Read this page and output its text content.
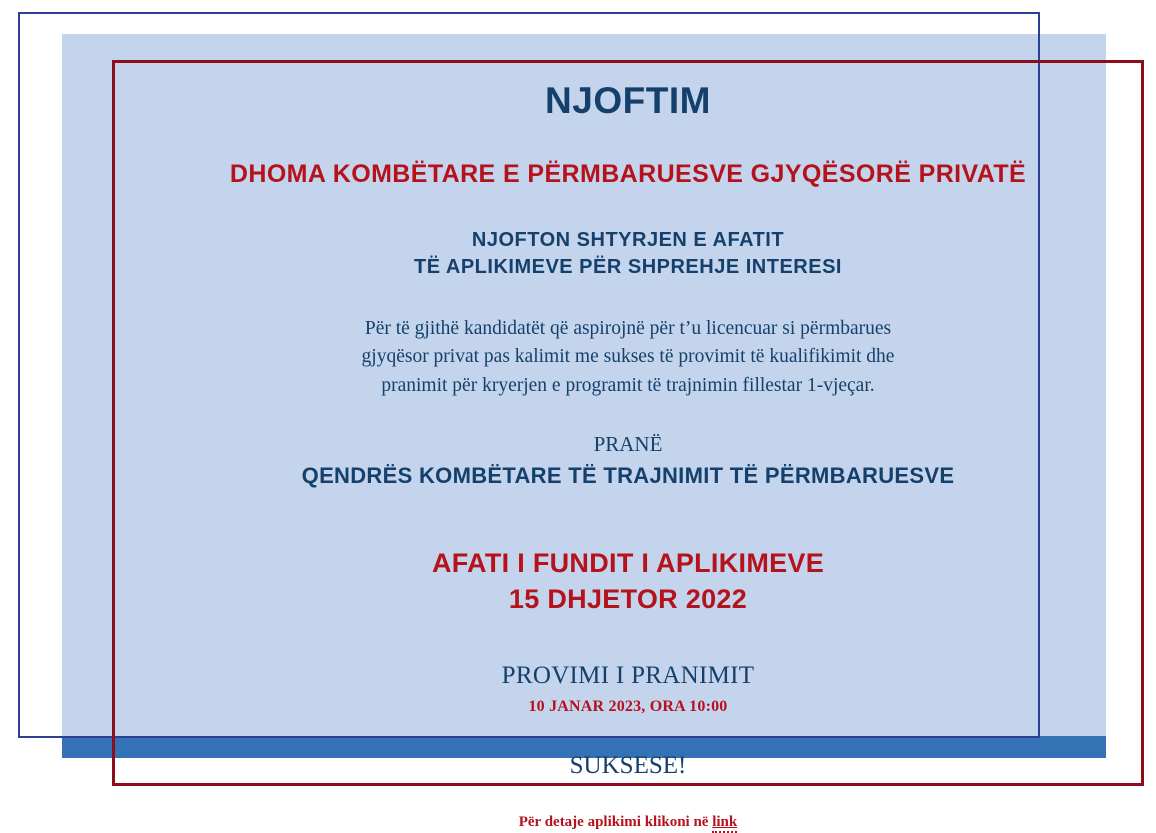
NJOFTIM
DHOMA KOMBËTARE E PËRMBARUESVE GJYQËSORË PRIVATË
NJOFTON SHTYRJEN E AFATIT
TË APLIKIMEVE PËR SHPREHJE INTERESI
Për të gjithë kandidatët që aspirojnë për t’u licencuar si përmbarues
gjyqësor privat pas kalimit me sukses të provimit të kualifikimit dhe
pranimit për kryerjen e programit të trajnimin fillestar 1-vjeçar.
PRANË
QENDRËS KOMBËTARE TË TRAJNIMIT TË PËRMBARUESVE
AFATI I FUNDIT I APLIKIMEVE
15 DHJETOR 2022
PROVIMI I PRANIMIT
10 JANAR 2023, ORA 10:00
SUKSESE!
Për detaje aplikimi klikoni në link
